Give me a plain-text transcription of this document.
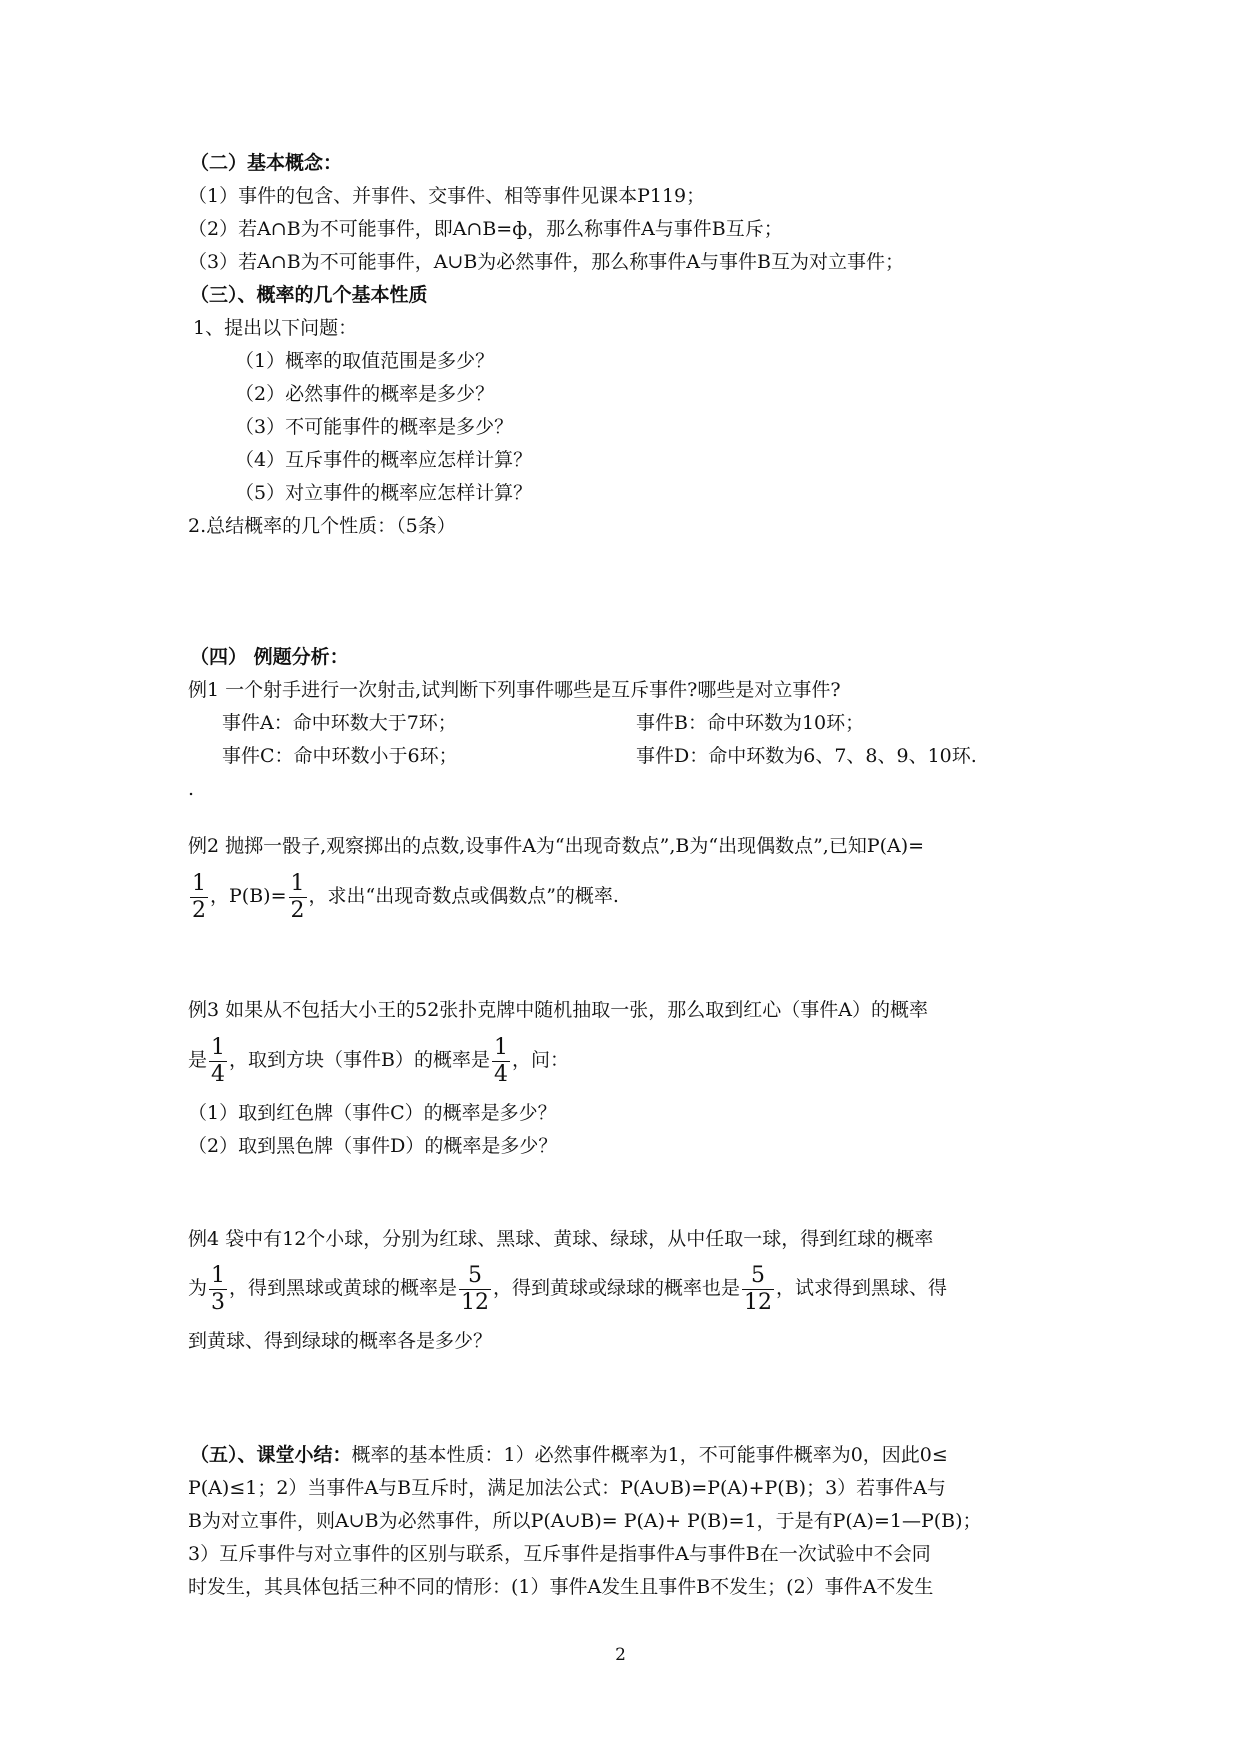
（二）基本概念：
（1）事件的包含、并事件、交事件、相等事件见课本P119；
（2）若A∩B为不可能事件，即A∩B=ф，那么称事件A与事件B互斥；
（3）若A∩B为不可能事件，A∪B为必然事件，那么称事件A与事件B互为对立事件；
（三）、概率的几个基本性质
1、提出以下问题：
（1）概率的取值范围是多少？
（2）必然事件的概率是多少？
（3）不可能事件的概率是多少？
（4）互斥事件的概率应怎样计算？
（5）对立事件的概率应怎样计算？
2.总结概率的几个性质：（5条）
（四） 例题分析：
例1 一个射手进行一次射击,试判断下列事件哪些是互斥事件?哪些是对立事件?
事件A：命中环数大于7环；	事件B：命中环数为10环；
事件C：命中环数小于6环；	事件D：命中环数为6、7、8、9、10环.
.
例2 抛掷一骰子,观察掷出的点数,设事件A为“出现奇数点”,B为“出现偶数点”,已知P(A)=
$\frac{1}{2}$ ，$P(B)= \frac{1}{2}$ ，求出“出现奇数点或偶数点”的概率.
例3 如果从不包括大小王的52张扑克牌中随机抽取一张，那么取到红心（事件A）的概率
是 $\frac{1}{4}$ ，取到方块（事件B）的概率是 $\frac{1}{4}$ ，问：
（1）取到红色牌（事件C）的概率是多少？
（2）取到黑色牌（事件D）的概率是多少？
例4 袋中有12个小球，分别为红球、黑球、黄球、绿球，从中任取一球，得到红球的概率
为 $\frac{1}{3}$ ，得到黑球或黄球的概率是 $\frac{5}{12}$ ，得到黄球或绿球的概率也是 $\frac{5}{12}$ ，试求得到黑球、得
到黄球、得到绿球的概率各是多少？
（五）、课堂小结：概率的基本性质：1）必然事件概率为1，不可能事件概率为0，因此0≤
P(A)≤1；2）当事件A与B互斥时，满足加法公式：P(A∪B)=P(A)+P(B)；3）若事件A与
B为对立事件，则A∪B为必然事件，所以P(A∪B)= P(A)+ P(B)=1，于是有P(A)=1—P(B)；
3）互斥事件与对立事件的区别与联系，互斥事件是指事件A与事件B在一次试验中不会同
时发生，其具体包括三种不同的情形：(1）事件A发生且事件B不发生；(2）事件A不发生
2
